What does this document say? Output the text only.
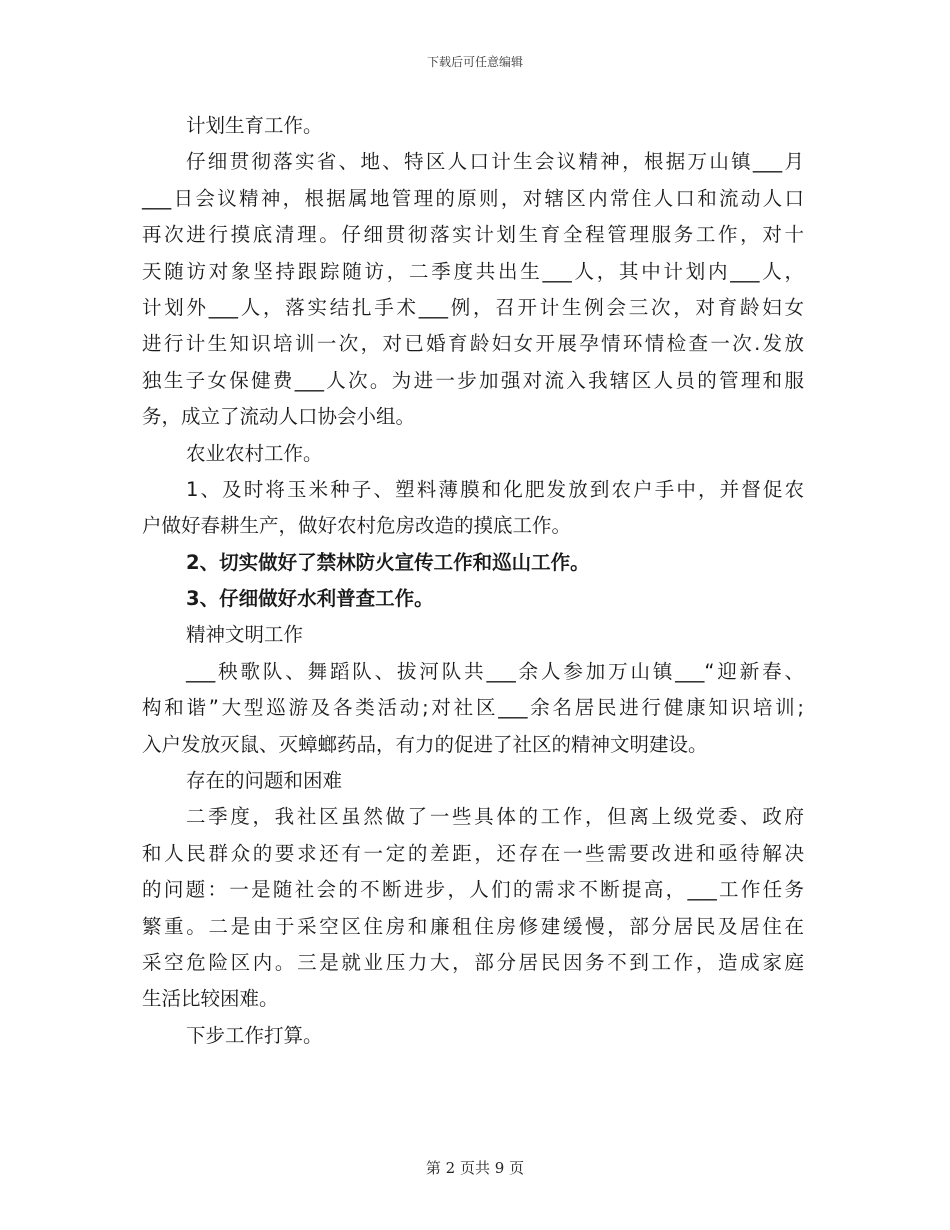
下载后可任意编辑
计划生育工作。
仔细贯彻落实省、地、特区人口计生会议精神，根据万山镇___月
___日会议精神，根据属地管理的原则，对辖区内常住人口和流动人口
再次进行摸底清理。仔细贯彻落实计划生育全程管理服务工作，对十
天随访对象坚持跟踪随访，二季度共出生___人，其中计划内___人，
计划外___人，落实结扎手术___例，召开计生例会三次，对育龄妇女
进行计生知识培训一次，对已婚育龄妇女开展孕情环情检查一次.发放
独生子女保健费___人次。为进一步加强对流入我辖区人员的管理和服
务，成立了流动人口协会小组。
农业农村工作。
1、及时将玉米种子、塑料薄膜和化肥发放到农户手中，并督促农
户做好春耕生产，做好农村危房改造的摸底工作。
2、切实做好了禁林防火宣传工作和巡山工作。
3、仔细做好水利普查工作。
精神文明工作
___秧歌队、舞蹈队、拔河队共___余人参加万山镇___“迎新春、
构和谐”大型巡游及各类活动;对社区___余名居民进行健康知识培训;
入户发放灭鼠、灭蟑螂药品，有力的促进了社区的精神文明建设。
存在的问题和困难
二季度，我社区虽然做了一些具体的工作，但离上级党委、政府
和人民群众的要求还有一定的差距，还存在一些需要改进和亟待解决
的问题：一是随社会的不断进步，人们的需求不断提高，___工作任务
繁重。二是由于采空区住房和廉租住房修建缓慢，部分居民及居住在
采空危险区内。三是就业压力大，部分居民因务不到工作，造成家庭
生活比较困难。
下步工作打算。
第 2 页共 9 页
